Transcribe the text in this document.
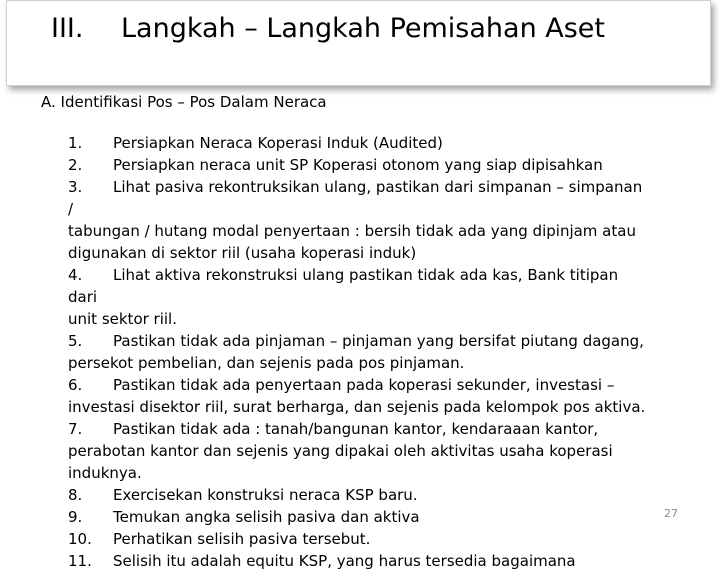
III. Langkah – Langkah Pemisahan Aset
A. Identifikasi Pos – Pos Dalam Neraca
1. Persiapkan Neraca Koperasi Induk (Audited)
2. Persiapkan neraca unit SP Koperasi otonom yang siap dipisahkan
3. Lihat pasiva rekontruksikan ulang, pastikan dari simpanan – simpanan /
tabungan / hutang modal penyertaan : bersih tidak ada yang dipinjam atau digunakan di sektor riil (usaha koperasi induk)
4. Lihat aktiva rekonstruksi ulang pastikan tidak ada kas, Bank titipan dari
unit sektor riil.
5. Pastikan tidak ada pinjaman – pinjaman yang bersifat piutang dagang,
persekot pembelian, dan sejenis pada pos pinjaman.
6. Pastikan tidak ada penyertaan pada koperasi sekunder, investasi –
investasi disektor riil, surat berharga, dan sejenis pada kelompok pos aktiva.
7. Pastikan tidak ada : tanah/bangunan kantor, kendaraaan kantor,
perabotan kantor dan sejenis yang dipakai oleh aktivitas usaha koperasi induknya.
8. Exercisekan konstruksi neraca KSP baru.
9. Temukan angka selisih pasiva dan aktiva
10. Perhatikan selisih pasiva tersebut.
11. Selisih itu adalah equitu KSP, yang harus tersedia bagaimana
27
